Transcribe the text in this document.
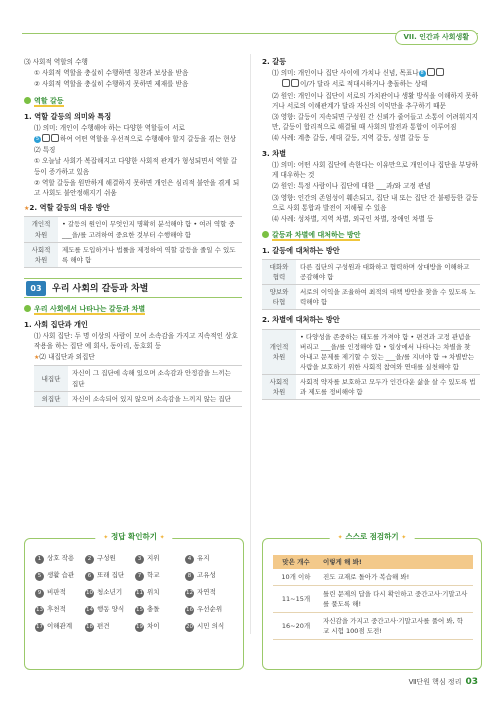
VII. 인간과 사회생활
⑶ 사회적 역할의 수행
① 사회적 역할을 충실히 수행하면 칭찬과 보상을 받음
② 사회적 역할을 충실히 수행하지 못하면 제재를 받음
역할 갈등
1. 역할 갈등의 의미와 특징
⑴ 의미: 개인이 수행해야 하는 다양한 역할들이 서로
5	하여 어떤 역할을 우선적으로 수행해야 할지 갈등을 겪는 현상
⑵ 특징
① 오늘날 사회가 복잡해지고 다양한 사회적 관계가 형성되면서 역할 갈등이 증가하고 있음
② 역할 갈등을 원만하게 해결하지 못하면 개인은 심리적 불안을 겪게 되고 사회도 불안정해지기 쉬움
★2. 역할 갈등의 대응 방안
개인적 차원	• 갈등의 원인이 무엇인지 명확히 분석해야 함 • 여러 역할 중 ___을/를 고려하여 중요한 것부터 수행해야 함
사회적 차원	제도를 도입하거나 법률을 제정하여 역할 갈등을 줄일 수 있도록 해야 함
03	우리 사회의 갈등과 차별
우리 사회에서 나타나는 갈등과 차별
1. 사회 집단과 개인
⑴ 사회 집단: 두 명 이상의 사람이 모여 소속감을 가지고 지속적인 상호 작용을 하는 집단 예 회사, 동아리, 동호회 등
★⑵ 내집단과 외집단
내집단	자신이 그 집단에 속해 있으며 소속감과 안정감을 느끼는 집단
외집단	자신이 소속되어 있지 않으며 소속감을 느끼지 않는 집단
2. 갈등
⑴ 의미: 개인이나 집단 사이에 가치나 신념, 목표나 8
이/가 달라 서로 적대시하거나 충돌하는 상태
⑵ 원인: 개인이나 집단이 서로의 가치관이나 생활 방식을 이해하지 못하거나 서로의 이해관계가 달라 자신의 이익만을 추구하기 때문
⑶ 영향: 갈등이 지속되면 구성원 간 신뢰가 줄어들고 소통이 어려워지지만, 갈등이 합리적으로 해결될 때 사회의 발전과 통합이 이루어짐
⑷ 사례: 계층 갈등, 세대 갈등, 지역 갈등, 성별 갈등 등
3. 차별
⑴ 의미: 어떤 사회 집단에 속한다는 이유만으로 개인이나 집단을 부당하게 대우하는 것
⑵ 원인: 특정 사람이나 집단에 대한 ___과/와 고정 관념
⑶ 영향: 인간의 존엄성이 훼손되고, 집단 내 또는 집단 간 불평등한 갈등으로 사회 통합과 발전이 저해될 수 있음
⑷ 사례: 성차별, 지역 차별, 외국인 차별, 장애인 차별 등
갈등과 차별에 대처하는 방안
1. 갈등에 대처하는 방안
대화와 협력	다른 집단의 구성원과 대화하고 협력하며 상대방을 이해하고 공감해야 함
양보와 타협	서로의 이익을 조율하여 최적의 대책 방안을 찾을 수 있도록 노력해야 함
2. 차별에 대처하는 방안
개인적 차원	• 다양성을 존중하는 태도를 가져야 함 • 편견과 고정 관념을 버리고 ___을/를 인정해야 함 • 일상에서 나타나는 차별을 찾아내고 문제를 제기할 수 있는 ___을/를 지녀야 함 → 차별받는 사람을 보호하기 위한 사회적 참여와 연대를 실천해야 함
사회적 차원	사회적 약자를 보호하고 모두가 인간다운 삶을 살 수 있도록 법과 제도를 정비해야 함
✦ 정답 확인하기 ✦
1 상호 작용	2 구성원	3 지위	4 유지
5 생활 습관	6 또래 집단	7 학교	8 고유성
9 비판적	10 청소년기	11 위치	12 자연적
13 후천적	14 행동 양식	15 충돌	16 우선순위
17 이해관계	18 편견	19 차이	20 시민 의식
✦ 스스로 점검하기 ✦
맞은 개수	이렇게 해 봐!
10개 이하	진도 교재로 돌아가 복습해 봐!
11~15개	틀린 문제의 답을 다시 확인하고 중간고사·기말고사를 풀도록 해!
16~20개	자신감을 가지고 중간고사·기말고사를 풀어 봐, 학교 시험 100점 도전!
Ⅶ단원 핵심 정리 03
